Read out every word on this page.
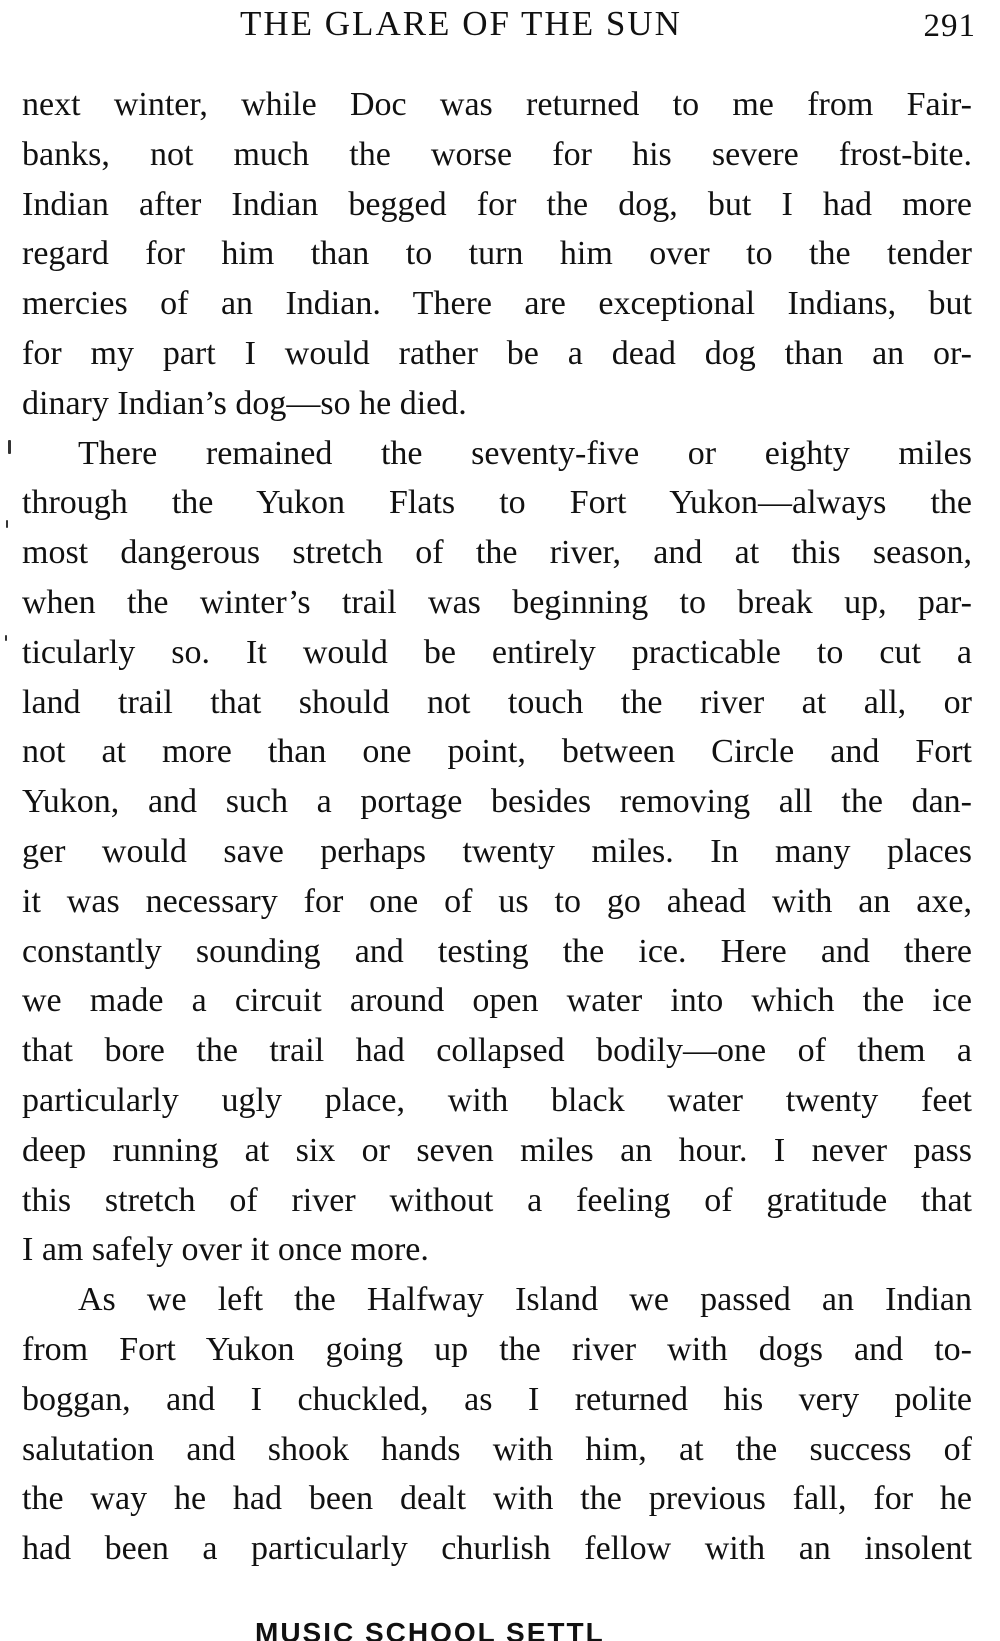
THE GLARE OF THE SUN	291
next winter, while Doc was returned to me from Fair-
banks, not much the worse for his severe frost-bite.
Indian after Indian begged for the dog, but I had more
regard for him than to turn him over to the tender
mercies of an Indian. There are exceptional Indians, but
for my part I would rather be a dead dog than an or-
dinary Indian’s dog—so he died.
There remained the seventy-five or eighty miles
through the Yukon Flats to Fort Yukon—always the
most dangerous stretch of the river, and at this season,
when the winter’s trail was beginning to break up, par-
ticularly so. It would be entirely practicable to cut a
land trail that should not touch the river at all, or
not at more than one point, between Circle and Fort
Yukon, and such a portage besides removing all the dan-
ger would save perhaps twenty miles. In many places
it was necessary for one of us to go ahead with an axe,
constantly sounding and testing the ice. Here and there
we made a circuit around open water into which the ice
that bore the trail had collapsed bodily—one of them a
particularly ugly place, with black water twenty feet
deep running at six or seven miles an hour. I never pass
this stretch of river without a feeling of gratitude that
I am safely over it once more.
As we left the Halfway Island we passed an Indian
from Fort Yukon going up the river with dogs and to-
boggan, and I chuckled, as I returned his very polite
salutation and shook hands with him, at the success of
the way he had been dealt with the previous fall, for he
had been a particularly churlish fellow with an insolent
MUSIC SCHOOL SETTL
